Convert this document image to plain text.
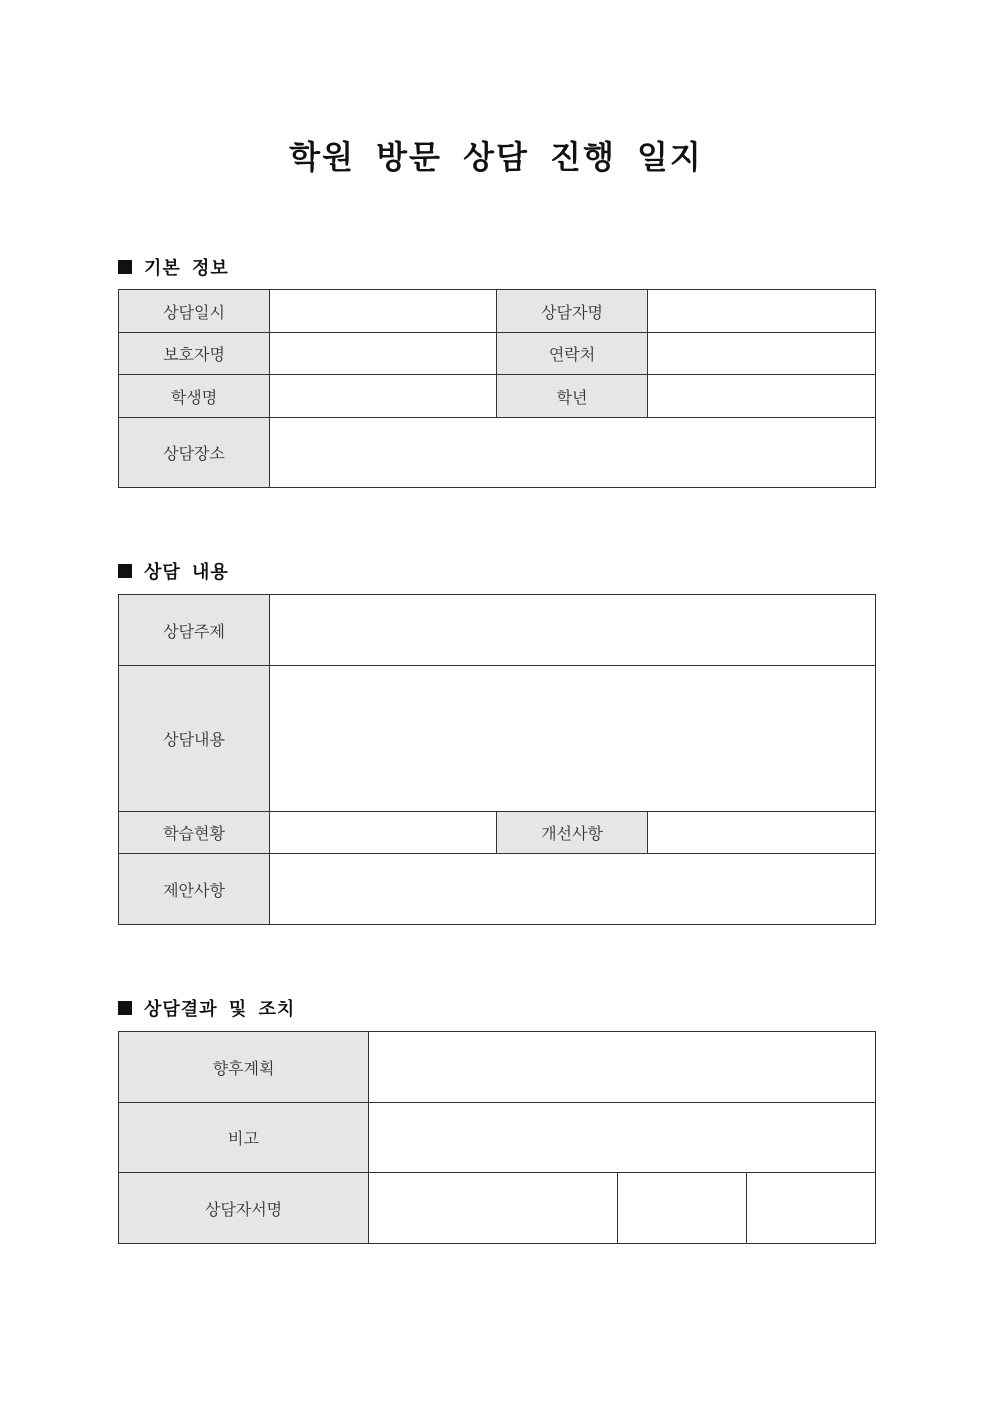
학원 방문 상담 진행 일지
기본 정보
상담일시		상담자명	
보호자명		연락처	
학생명		학년	
상담장소			
상담 내용
상담주제			
상담내용			
학습현황		개선사항	
제안사항			
상담결과 및 조치
향후계획			
비고			
상담자서명			
